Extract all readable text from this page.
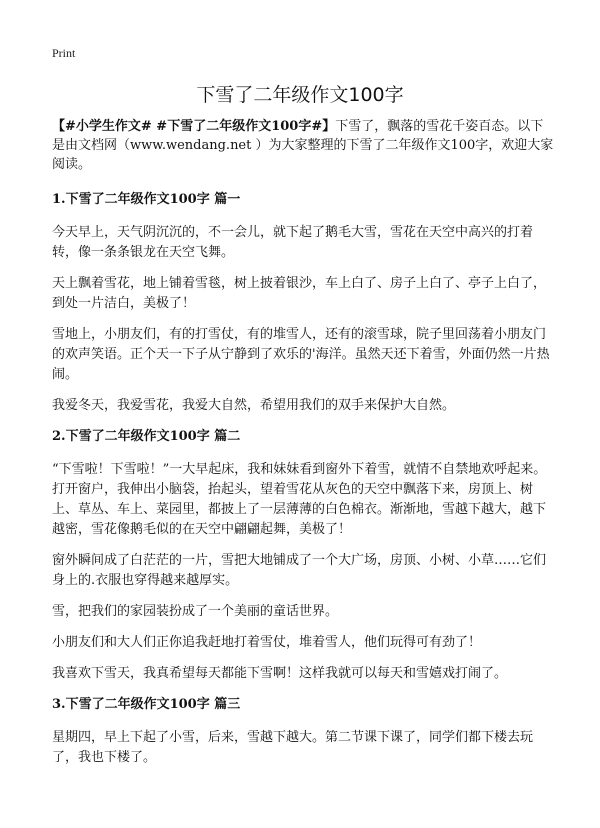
Print
下雪了二年级作文100字

【#小学生作文# #下雪了二年级作文100字#】下雪了，飘落的雪花千姿百态。以下是由文档网（www.wendang.net ）为大家整理的下雪了二年级作文100字，欢迎大家阅读。

1.下雪了二年级作文100字 篇一

今天早上，天气阴沉沉的，不一会儿，就下起了鹅毛大雪，雪花在天空中高兴的打着转，像一条条银龙在天空飞舞。

天上飘着雪花，地上铺着雪毯，树上披着银沙，车上白了、房子上白了、亭子上白了，到处一片洁白，美极了！

雪地上，小朋友们，有的打雪仗，有的堆雪人，还有的滚雪球，院子里回荡着小朋友门的欢声笑语。正个天一下子从宁静到了欢乐的'海洋。虽然天还下着雪，外面仍然一片热闹。

我爱冬天，我爱雪花，我爱大自然，希望用我们的双手来保护大自然。

2.下雪了二年级作文100字 篇二

“下雪啦！下雪啦！”一大早起床，我和妹妹看到窗外下着雪，就情不自禁地欢呼起来。打开窗户，我伸出小脑袋，抬起头，望着雪花从灰色的天空中飘落下来，房顶上、树上、草丛、车上、菜园里，都披上了一层薄薄的白色棉衣。渐渐地，雪越下越大，越下越密，雪花像鹅毛似的在天空中翩翩起舞，美极了！

窗外瞬间成了白茫茫的一片，雪把大地铺成了一个大广场，房顶、小树、小草……它们身上的.衣服也穿得越来越厚实。

雪，把我们的家园装扮成了一个美丽的童话世界。

小朋友们和大人们正你追我赶地打着雪仗，堆着雪人，他们玩得可有劲了！

我喜欢下雪天，我真希望每天都能下雪啊！这样我就可以每天和雪嬉戏打闹了。

3.下雪了二年级作文100字 篇三

星期四，早上下起了小雪，后来，雪越下越大。第二节课下课了，同学们都下楼去玩了，我也下楼了。
